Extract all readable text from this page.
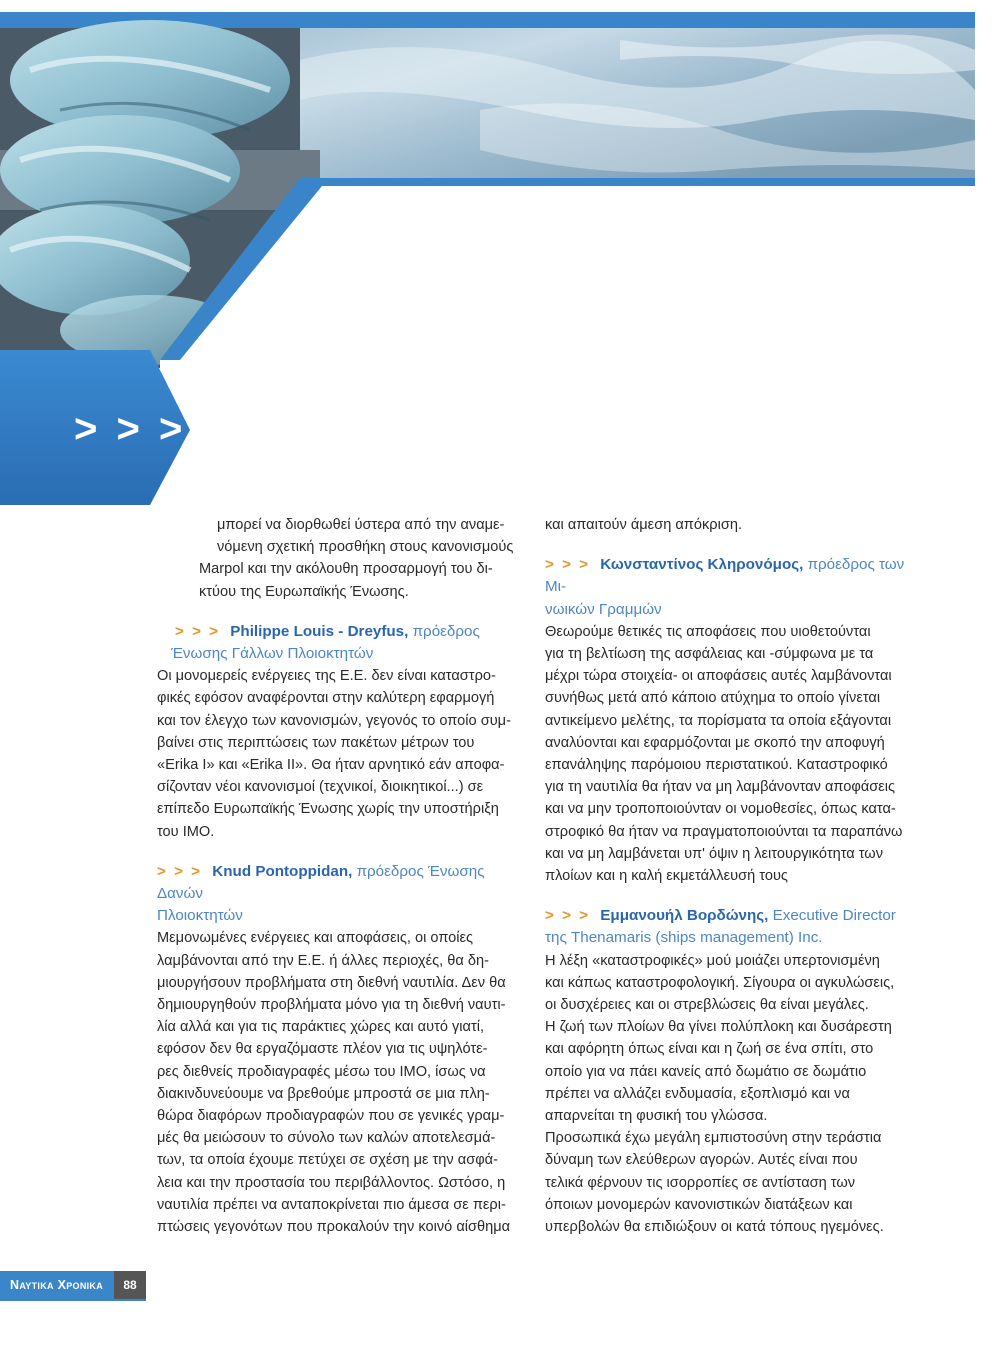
> > >

μπορεί να διορθωθεί ύστερα από την αναμε-

νόμενη σχετική προσθήκη στους κανονισμούς

Marpol και την ακόλουθη προσαρμογή του δι-

κτύου της Ευρωπαϊκής Ένωσης.

> > > Philippe Louis - Dreyfus, πρόεδρος

Ένωσης Γάλλων Πλοιοκτητών

Οι μονομερείς ενέργειες της Ε.Ε. δεν είναι καταστρο-

φικές εφόσον αναφέρονται στην καλύτερη εφαρμογή

και τον έλεγχο των κανονισμών, γεγονός το οποίο συμ-

βαίνει στις περιπτώσεις των πακέτων μέτρων του

«Erika I» και «Erika II». Θα ήταν αρνητικό εάν αποφα-

σίζονταν νέοι κανονισμοί (τεχνικοί, διοικητικοί...) σε

επίπεδο Ευρωπαϊκής Ένωσης χωρίς την υποστήριξη

του IMO.

> > > Knud Pontoppidan, πρόεδρος Ένωσης Δανών

Πλοιοκτητών

Μεμονωμένες ενέργειες και αποφάσεις, οι οποίες

λαμβάνονται από την Ε.Ε. ή άλλες περιοχές, θα δη-

μιουργήσουν προβλήματα στη διεθνή ναυτιλία. Δεν θα

δημιουργηθούν προβλήματα μόνο για τη διεθνή ναυτι-

λία αλλά και για τις παράκτιες χώρες και αυτό γιατί,

εφόσον δεν θα εργαζόμαστε πλέον για τις υψηλότε-

ρες διεθνείς προδιαγραφές μέσω του IMO, ίσως να

διακινδυνεύουμε να βρεθούμε μπροστά σε μια πλη-

θώρα διαφόρων προδιαγραφών που σε γενικές γραμ-

μές θα μειώσουν το σύνολο των καλών αποτελεσμά-

των, τα οποία έχουμε πετύχει σε σχέση με την ασφά-

λεια και την προστασία του περιβάλλοντος. Ωστόσο, η

ναυτιλία πρέπει να ανταποκρίνεται πιο άμεσα σε περι-

πτώσεις γεγονότων που προκαλούν την κοινό αίσθημα

και απαιτούν άμεση απόκριση.

> > > Κωνσταντίνος Κληρονόμος, πρόεδρος των Μι-

νωικών Γραμμών

Θεωρούμε θετικές τις αποφάσεις που υιοθετούνται

για τη βελτίωση της ασφάλειας και -σύμφωνα με τα

μέχρι τώρα στοιχεία- οι αποφάσεις αυτές λαμβάνονται

συνήθως μετά από κάποιο ατύχημα το οποίο γίνεται

αντικείμενο μελέτης, τα πορίσματα τα οποία εξάγονται

αναλύονται και εφαρμόζονται με σκοπό την αποφυγή

επανάληψης παρόμοιου περιστατικού. Καταστροφικό

για τη ναυτιλία θα ήταν να μη λαμβάνονταν αποφάσεις

και να μην τροποποιούνταν οι νομοθεσίες, όπως κατα-

στροφικό θα ήταν να πραγματοποιούνται τα παραπάνω

και να μη λαμβάνεται υπ' όψιν η λειτουργικότητα των

πλοίων και η καλή εκμετάλλευσή τους

> > > Εμμανουήλ Βορδώνης, Executive Director

της Thenamaris (ships management) Inc.

Η λέξη «καταστροφικές» μού μοιάζει υπερτονισμένη

και κάπως καταστροφολογική. Σίγουρα οι αγκυλώσεις,

οι δυσχέρειες και οι στρεβλώσεις θα είναι μεγάλες.

Η ζωή των πλοίων θα γίνει πολύπλοκη και δυσάρεστη

και αφόρητη όπως είναι και η ζωή σε ένα σπίτι, στο

οποίο για να πάει κανείς από δωμάτιο σε δωμάτιο

πρέπει να αλλάζει ενδυμασία, εξοπλισμό και να

απαρνείται τη φυσική του γλώσσα.

Προσωπικά έχω μεγάλη εμπιστοσύνη στην τεράστια

δύναμη των ελεύθερων αγορών. Αυτές είναι που

τελικά φέρνουν τις ισορροπίες σε αντίσταση των

όποιων μονομερών κανονιστικών διατάξεων και

υπερβολών θα επιδιώξουν οι κατά τόπους ηγεμόνες.

Ναυτικα Χρονικα	88
